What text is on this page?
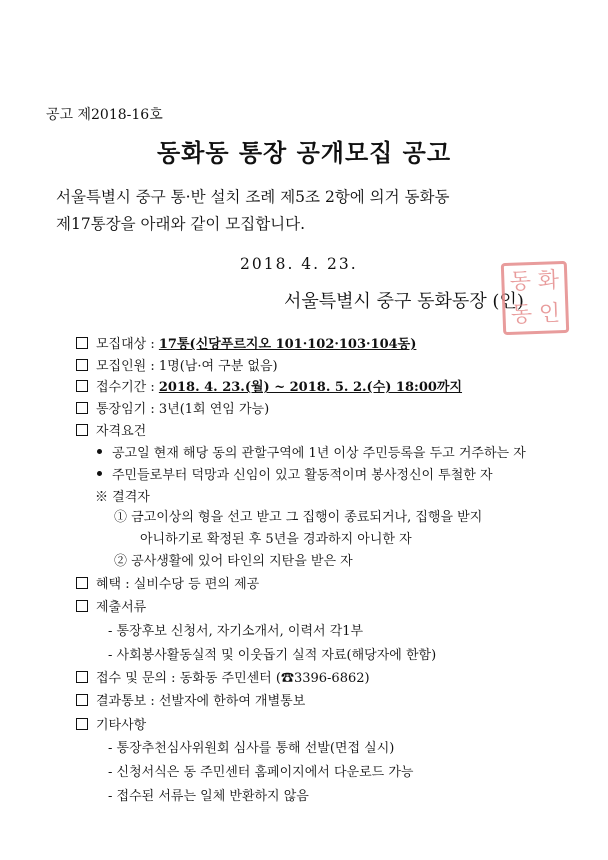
공고 제2018-16호
동화동 통장 공개모집 공고
서울특별시 중구 통·반 설치 조례 제5조 2항에 의거 동화동
제17통장을 아래와 같이 모집합니다.
2018. 4. 23.
서울특별시 중구 동화동장 (인)
동 화
동 인
모집대상 : 17통(신당푸르지오 101·102·103·104동)
모집인원 : 1명(남·여 구분 없음)
접수기간 : 2018. 4. 23.(월) ~ 2018. 5. 2.(수) 18:00까지
통장임기 : 3년(1회 연임 가능)
자격요건
공고일 현재 해당 동의 관할구역에 1년 이상 주민등록을 두고 거주하는 자
주민들로부터 덕망과 신임이 있고 활동적이며 봉사정신이 투철한 자
※ 결격자
① 금고이상의 형을 선고 받고 그 집행이 종료되거나, 집행을 받지
아니하기로 확정된 후 5년을 경과하지 아니한 자
② 공사생활에 있어 타인의 지탄을 받은 자
혜택 : 실비수당 등 편의 제공
제출서류
- 통장후보 신청서, 자기소개서, 이력서 각1부
- 사회봉사활동실적 및 이웃돕기 실적 자료(해당자에 한함)
접수 및 문의 : 동화동 주민센터 (☎3396-6862)
결과통보 : 선발자에 한하여 개별통보
기타사항
- 통장추천심사위원회 심사를 통해 선발(면접 실시)
- 신청서식은 동 주민센터 홈페이지에서 다운로드 가능
- 접수된 서류는 일체 반환하지 않음
